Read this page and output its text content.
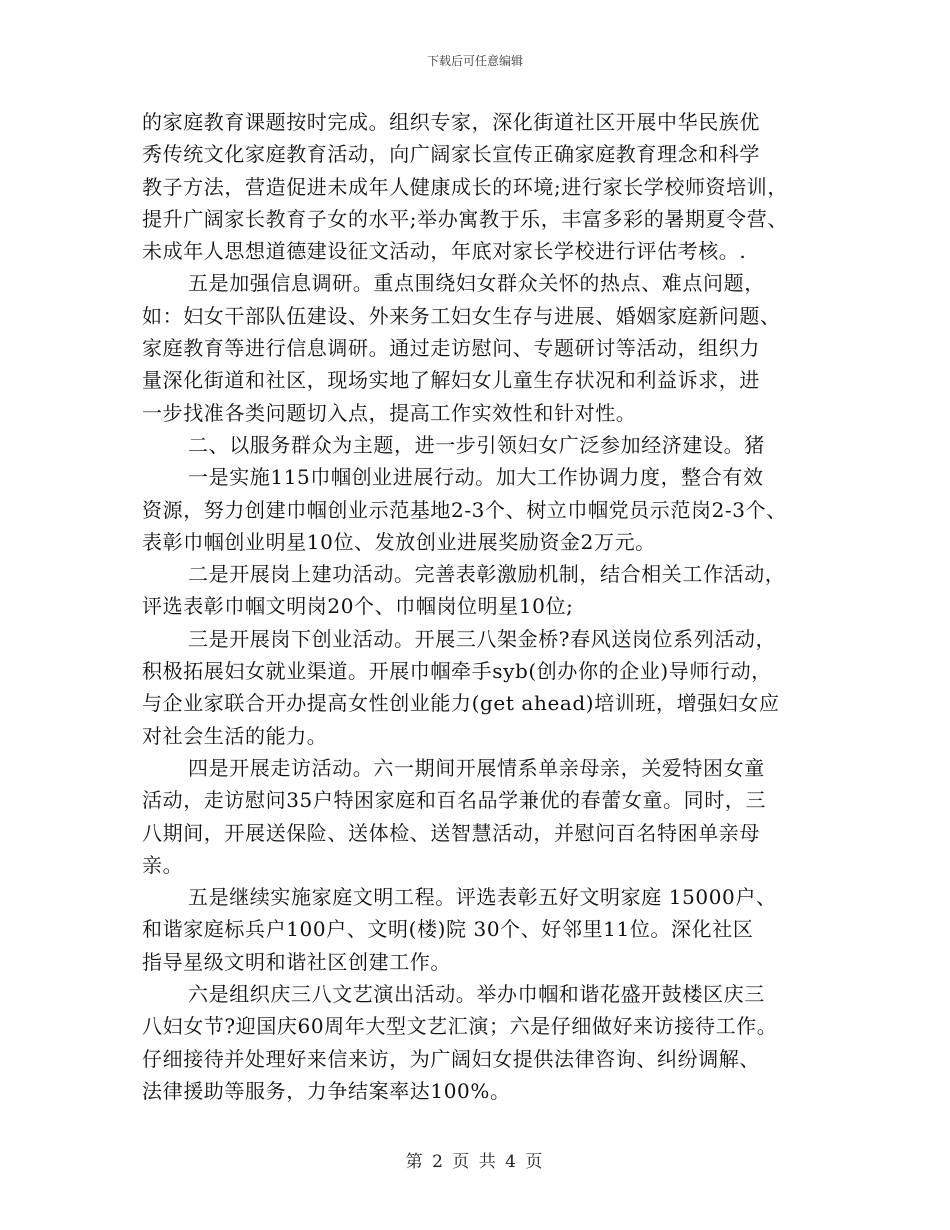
下载后可任意编辑
的家庭教育课题按时完成。组织专家，深化街道社区开展中华民族优
秀传统文化家庭教育活动，向广阔家长宣传正确家庭教育理念和科学
教子方法，营造促进未成年人健康成长的环境;进行家长学校师资培训，
提升广阔家长教育子女的水平;举办寓教于乐，丰富多彩的暑期夏令营、
未成年人思想道德建设征文活动，年底对家长学校进行评估考核。.
五是加强信息调研。重点围绕妇女群众关怀的热点、难点问题，
如：妇女干部队伍建设、外来务工妇女生存与进展、婚姻家庭新问题、
家庭教育等进行信息调研。通过走访慰问、专题研讨等活动，组织力
量深化街道和社区，现场实地了解妇女儿童生存状况和利益诉求，进
一步找准各类问题切入点，提高工作实效性和针对性。
二、以服务群众为主题，进一步引领妇女广泛参加经济建设。猪
一是实施115巾帼创业进展行动。加大工作协调力度，整合有效
资源，努力创建巾帼创业示范基地2-3个、树立巾帼党员示范岗2-3个、
表彰巾帼创业明星10位、发放创业进展奖励资金2万元。
二是开展岗上建功活动。完善表彰激励机制，结合相关工作活动，
评选表彰巾帼文明岗20个、巾帼岗位明星10位;
三是开展岗下创业活动。开展三八架金桥?春风送岗位系列活动，
积极拓展妇女就业渠道。开展巾帼牵手syb(创办你的企业)导师行动，
与企业家联合开办提高女性创业能力(get ahead)培训班，增强妇女应
对社会生活的能力。
四是开展走访活动。六一期间开展情系单亲母亲，关爱特困女童
活动，走访慰问35户特困家庭和百名品学兼优的春蕾女童。同时，三
八期间，开展送保险、送体检、送智慧活动，并慰问百名特困单亲母
亲。
五是继续实施家庭文明工程。评选表彰五好文明家庭 15000户、
和谐家庭标兵户100户、文明(楼)院 30个、好邻里11位。深化社区
指导星级文明和谐社区创建工作。
六是组织庆三八文艺演出活动。举办巾帼和谐花盛开鼓楼区庆三
八妇女节?迎国庆60周年大型文艺汇演；六是仔细做好来访接待工作。
仔细接待并处理好来信来访，为广阔妇女提供法律咨询、纠纷调解、
法律援助等服务，力争结案率达100%。
第 2 页 共 4 页
